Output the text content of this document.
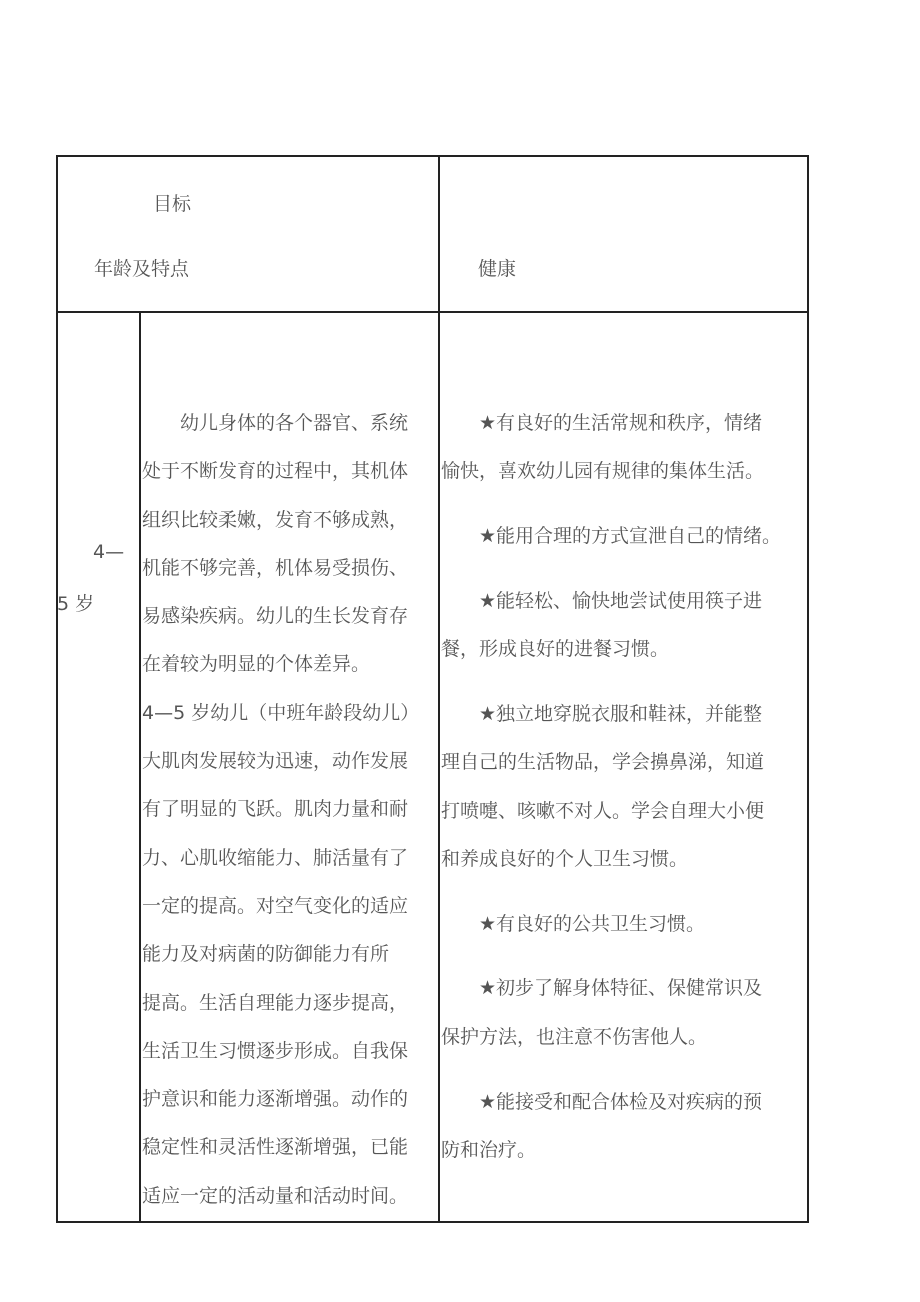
目标
年龄及特点	健康
4—
5 岁
　　幼儿身体的各个器官、系统
处于不断发育的过程中，其机体
组织比较柔嫩，发育不够成熟，
机能不够完善，机体易受损伤、
易感染疾病。幼儿的生长发育存
在着较为明显的个体差异。
4—5 岁幼儿（中班年龄段幼儿）
大肌肉发展较为迅速，动作发展
有了明显的飞跃。肌肉力量和耐
力、心肌收缩能力、肺活量有了
一定的提高。对空气变化的适应
能力及对病菌的防御能力有所
提高。生活自理能力逐步提高，
生活卫生习惯逐步形成。自我保
护意识和能力逐渐增强。动作的
稳定性和灵活性逐渐增强，已能
适应一定的活动量和活动时间。
　　★有良好的生活常规和秩序，情绪
愉快，喜欢幼儿园有规律的集体生活。
　　★能用合理的方式宣泄自己的情绪。
　　★能轻松、愉快地尝试使用筷子进
餐，形成良好的进餐习惯。
　　★独立地穿脱衣服和鞋袜，并能整
理自己的生活物品，学会擤鼻涕，知道
打喷嚏、咳嗽不对人。学会自理大小便
和养成良好的个人卫生习惯。
　　★有良好的公共卫生习惯。
　　★初步了解身体特征、保健常识及
保护方法，也注意不伤害他人。
　　★能接受和配合体检及对疾病的预
防和治疗。
